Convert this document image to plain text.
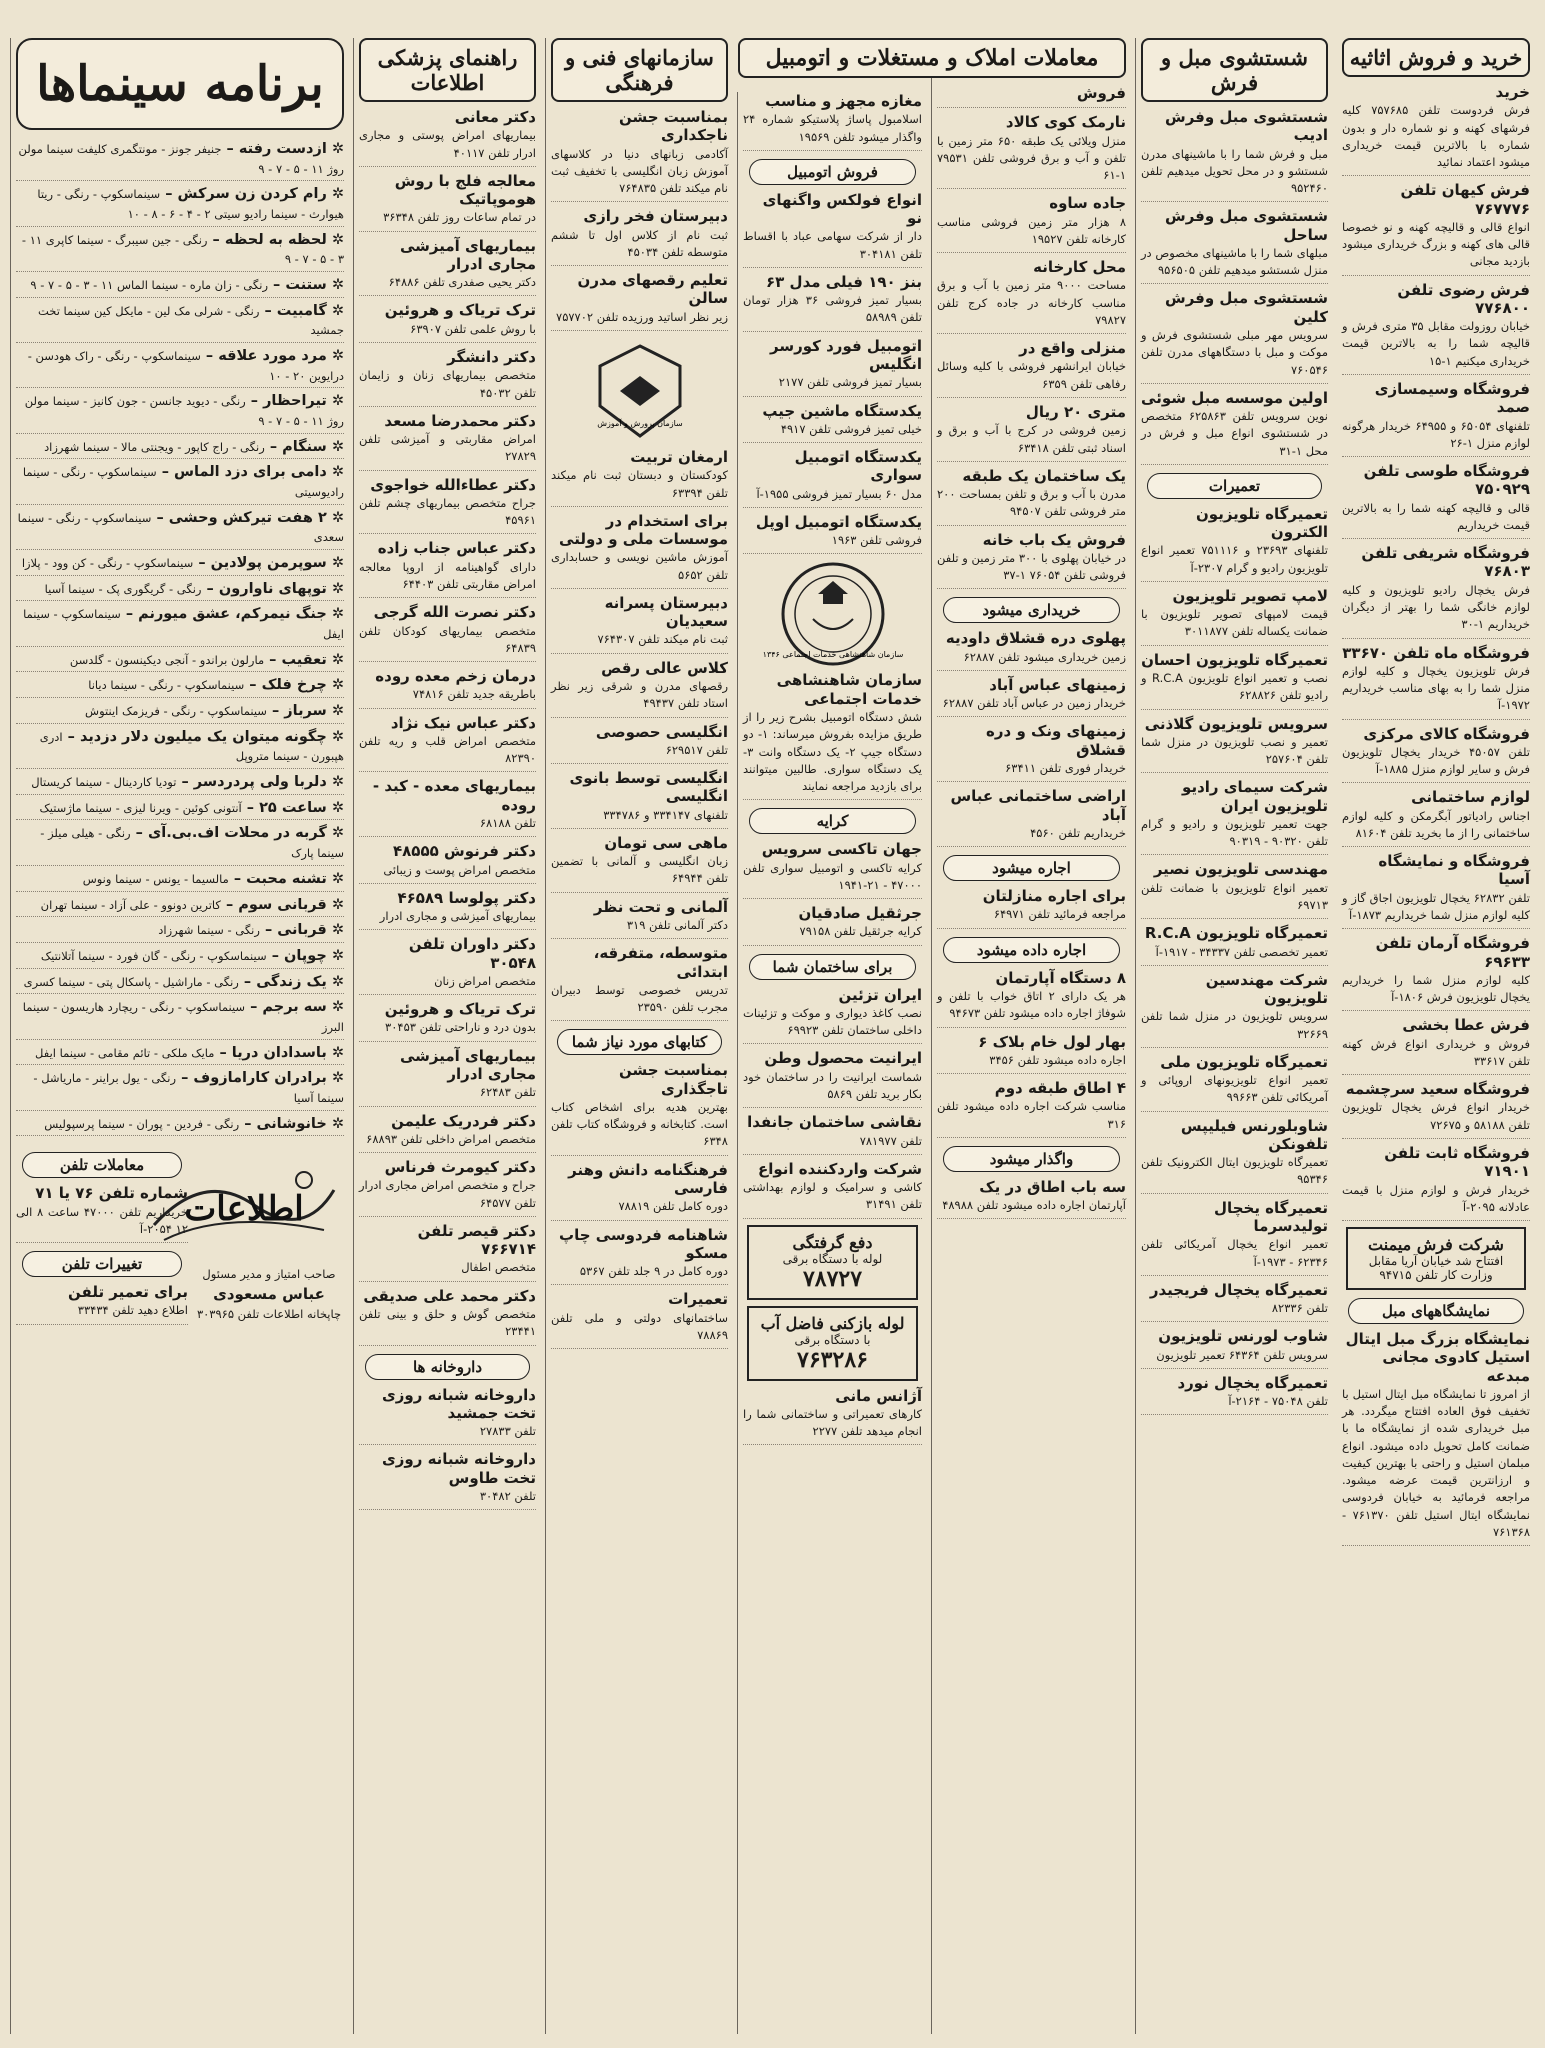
خرید و فروش اثاثیه
خرید

فرش فردوست تلفن ۷۵۷۶۸۵ کلیه فرشهای کهنه و نو شماره دار و بدون شماره با بالاترین قیمت خریداری میشود اعتماد نمائید

فرش کیهان تلفن ۷۶۷۷۷۶

انواع قالی و قالیچه کهنه و نو خصوصا قالی های کهنه و بزرگ خریداری میشود بازدید مجانی

فرش رضوی تلفن ۷۷۶۸۰۰

خیابان روزولت مقابل ۳۵ متری فرش و قالیچه شما را به بالاترین قیمت خریداری میکنیم ۱-۱۵

فروشگاه وسیمسازی صمد

تلفنهای ۶۵۰۵۴ و ۶۴۹۵۵ خریدار هرگونه لوازم منزل ۱-۲۶

فروشگاه طوسی تلفن ۷۵۰۹۲۹

قالی و قالیچه کهنه شما را به بالاترین قیمت خریداریم

فروشگاه شریفی تلفن ۷۶۸۰۳

فرش یخچال رادیو تلویزیون و کلیه لوازم خانگی شما را بهتر از دیگران خریداریم ۱-۳۰

فروشگاه ماه تلفن ۳۳۶۷۰

فرش تلویزیون یخچال و کلیه لوازم منزل شما را به بهای مناسب خریداریم ۱۹۷۲-آ

فروشگاه کالای مرکزی

تلفن ۴۵۰۵۷ خریدار یخچال تلویزیون فرش و سایر لوازم منزل ۱۸۸۵-آ

لوازم ساختمانی

اجناس رادیاتور آبگرمکن و کلیه لوازم ساختمانی را از ما بخرید تلفن ۸۱۶۰۴

فروشگاه و نمایشگاه آسیا

تلفن ۶۲۸۳۲ یخچال تلویزیون اجاق گاز و کلیه لوازم منزل شما خریداریم ۱۸۷۳-آ

فروشگاه آرمان تلفن ۶۹۶۳۳

کلیه لوازم منزل شما را خریداریم یخچال تلویزیون فرش ۱۸۰۶-آ

فرش عطا بخشی

فروش و خریداری انواع فرش کهنه تلفن ۳۳۶۱۷

فروشگاه سعید سرچشمه

خریدار انواع فرش یخچال تلویزیون تلفن ۵۸۱۸۸ و ۷۲۶۷۵

فروشگاه ثابت تلفن ۷۱۹۰۱

خریدار فرش و لوازم منزل با قیمت عادلانه ۲۰۹۵-آ

شرکت فرش میمنت
افتتاح شد خیابان آریا مقابل وزارت کار تلفن ۹۴۷۱۵
نمایشگاههای مبل
نمایشگاه بزرگ مبل ایتال استیل کادوی مجانی مبدعه

از امروز تا نمایشگاه مبل ایتال استیل با تخفیف فوق العاده افتتاح میگردد. هر مبل خریداری شده از نمایشگاه ما با ضمانت کامل تحویل داده میشود. انواع مبلمان استیل و راحتی با بهترین کیفیت و ارزانترین قیمت عرضه میشود. مراجعه فرمائید به خیابان فردوسی نمایشگاه ایتال استیل تلفن ۷۶۱۳۷۰ - ۷۶۱۳۶۸

شستشوی مبل و فرش
شستشوی مبل وفرش ادیب

مبل و فرش شما را با ماشینهای مدرن شستشو و در محل تحویل میدهیم تلفن ۹۵۲۴۶۰

شستشوی مبل وفرش ساحل

مبلهای شما را با ماشینهای مخصوص در منزل شستشو میدهیم تلفن ۹۵۶۵۰۵

شستشوی مبل وفرش کلین

سرویس مهر مبلی شستشوی فرش و موکت و مبل با دستگاههای مدرن تلفن ۷۶۰۵۴۶

اولین موسسه مبل شوئی

نوین سرویس تلفن ۶۲۵۸۶۳ متخصص در شستشوی انواع مبل و فرش در محل ۱-۳۱

تعمیرات
تعمیرگاه تلویزیون الکترون

تلفنهای ۲۳۶۹۳ و ۷۵۱۱۱۶ تعمیر انواع تلویزیون رادیو و گرام ۲۳۰۷-آ

لامپ تصویر تلویزیون

قیمت لامپهای تصویر تلویزیون با ضمانت یکساله تلفن ۳۰۱۱۸۷۷

تعمیرگاه تلویزیون احسان

نصب و تعمیر انواع تلویزیون R.C.A و رادیو تلفن ۶۲۸۸۲۶

سرویس تلویزیون گلاذنی

تعمیر و نصب تلویزیون در منزل شما تلفن ۲۵۷۶۰۴

شرکت سیمای رادیو تلویزیون ایران

جهت تعمیر تلویزیون و رادیو و گرام تلفن ۹۰۳۲۰ - ۹۰۳۱۹

مهندسی تلویزیون نصیر

تعمیر انواع تلویزیون با ضمانت تلفن ۶۹۷۱۳

تعمیرگاه تلویزیون R.C.A

تعمیر تخصصی تلفن ۳۴۳۳۷ - ۱۹۱۷-آ

شرکت مهندسین تلویزیون

سرویس تلویزیون در منزل شما تلفن ۳۲۶۶۹

تعمیرگاه تلویزیون ملی

تعمیر انواع تلویزیونهای اروپائی و آمریکائی تلفن ۹۹۶۶۳

شاوبلورنس فیلیپس تلفونکن

تعمیرگاه تلویزیون ایتال الکترونیک تلفن ۹۵۳۴۶

تعمیرگاه یخچال تولیدسرما

تعمیر انواع یخچال آمریکائی تلفن ۶۲۳۴۶ - ۱۹۷۳-آ

تعمیرگاه یخچال فریجیدر

تلفن ۸۲۳۳۶

شاوب لورنس تلویزیون

سرویس تلفن ۶۴۳۶۴ تعمیر تلویزیون

تعمیرگاه یخچال نورد

تلفن ۷۵۰۴۸ - ۲۱۶۴-آ

معاملات املاک و مستغلات و اتومبیل
فروش
نارمک کوی کالاد

منزل ویلائی یک طبقه ۶۵۰ متر زمین با تلفن و آب و برق فروشی تلفن ۷۹۵۳۱ ۱-۶۱

جاده ساوه

۸ هزار متر زمین فروشی مناسب کارخانه تلفن ۱۹۵۲۷

محل کارخانه

مساحت ۹۰۰۰ متر زمین با آب و برق مناسب کارخانه در جاده کرج تلفن ۷۹۸۲۷

منزلی واقع در

خیابان ایرانشهر فروشی با کلیه وسائل رفاهی تلفن ۶۳۵۹

متری ۲۰ ریال

زمین فروشی در کرج با آب و برق و اسناد ثبتی تلفن ۶۳۴۱۸

یک ساختمان یک طبقه

مدرن با آب و برق و تلفن بمساحت ۲۰۰ متر فروشی تلفن ۹۴۵۰۷

فروش یک باب خانه

در خیابان پهلوی با ۳۰۰ متر زمین و تلفن فروشی تلفن ۷۶۰۵۴ ۱-۳۷

خریداری میشود
پهلوی دره قشلاق داودیه

زمین خریداری میشود تلفن ۶۲۸۸۷

زمینهای عباس آباد

خریدار زمین در عباس آباد تلفن ۶۲۸۸۷

زمینهای ونک و دره قشلاق

خریدار فوری تلفن ۶۳۴۱۱

اراضی ساختمانی عباس آباد

خریداریم تلفن ۴۵۶۰

اجاره میشود
برای اجاره منازلتان

مراجعه فرمائید تلفن ۶۴۹۷۱

اجاره داده میشود
۸ دستگاه آپارتمان

هر یک دارای ۲ اتاق خواب با تلفن و شوفاژ اجاره داده میشود تلفن ۹۴۶۷۳

بهار لول خام بلاک ۶

اجاره داده میشود تلفن ۳۴۵۶

۴ اطاق طبقه دوم

مناسب شرکت اجاره داده میشود تلفن ۳۱۶

واگذار میشود
سه باب اطاق در یک

آپارتمان اجاره داده میشود تلفن ۴۸۹۸۸

مغازه مجهز و مناسب

اسلامبول پاساژ پلاستیکو شماره ۲۴ واگذار میشود تلفن ۱۹۵۶۹

فروش اتومبیل
انواع فولکس واگنهای نو

دار از شرکت سهامی عباد با اقساط تلفن ۳۰۴۱۸۱

بنز ۱۹۰ فیلی مدل ۶۳

بسیار تمیز فروشی ۳۶ هزار تومان تلفن ۵۸۹۸۹

اتومبیل فورد کورسر انگلیس

بسیار تمیز فروشی تلفن ۲۱۷۷

یکدستگاه ماشین جیپ

خیلی تمیز فروشی تلفن ۴۹۱۷

یکدستگاه اتومبیل سواری

مدل ۶۰ بسیار تمیز فروشی ۱۹۵۵-آ

یکدستگاه اتومبیل اوپل

فروشی تلفن ۱۹۶۳

سازمان شاهنشاهی خدمات اجتماعی ۱۳۴۶
سازمان شاهنشاهی خدمات اجتماعی

شش دستگاه اتومبیل بشرح زیر را از طریق مزایده بفروش میرساند: ۱- دو دستگاه جیپ ۲- یک دستگاه وانت ۳- یک دستگاه سواری. طالبین میتوانند برای بازدید مراجعه نمایند

کرایه
جهان تاکسی سرویس

کرایه تاکسی و اتومبیل سواری تلفن ۴۷۰۰۰ - ۲۱-۱۹۴۱

جرثقیل صادقیان

کرایه جرثقیل تلفن ۷۹۱۵۸

برای ساختمان شما
ایران تزئین

نصب کاغذ دیواری و موکت و تزئینات داخلی ساختمان تلفن ۶۹۹۲۳

ایرانیت محصول وطن

شماست ایرانیت را در ساختمان خود بکار برید تلفن ۵۸۶۹

نقاشی ساختمان جانفدا

تلفن ۷۸۱۹۷۷

شرکت واردکننده انواع

کاشی و سرامیک و لوازم بهداشتی تلفن ۳۱۴۹۱

دفع گرفتگی
لوله با دستگاه برقی
۷۸۷۲۷
لوله بازکنی فاضل آب
با دستگاه برقی
۷۶۳۲۸۶
آژانس مانی

کارهای تعمیراتی و ساختمانی شما را انجام میدهد تلفن ۲۲۷۷

سازمانهای فنی و فرهنگی
بمناسبت جشن ناجکداری

آکادمی زبانهای دنیا در کلاسهای آموزش زبان انگلیسی با تخفیف ثبت نام میکند تلفن ۷۶۴۸۳۵

دبیرستان فخر رازی

ثبت نام از کلاس اول تا ششم متوسطه تلفن ۴۵۰۳۴

تعلیم رقصهای مدرن سالن

زیر نظر اساتید ورزیده تلفن ۷۵۷۷۰۲

سازمان پرورش و آموزش
ارمغان تربیت

کودکستان و دبستان ثبت نام میکند تلفن ۶۳۳۹۴

برای استخدام در موسسات ملی و دولتی

آموزش ماشین نویسی و حسابداری تلفن ۵۶۵۲

دبیرستان پسرانه سعیدیان

ثبت نام میکند تلفن ۷۶۴۳۰۷

کلاس عالی رقص

رقصهای مدرن و شرقی زیر نظر استاد تلفن ۴۹۴۳۷

انگلیسی حصوصی

تلفن ۶۲۹۵۱۷

انگلیسی توسط بانوی انگلیسی

تلفنهای ۳۳۴۱۴۷ و ۳۳۴۷۸۶

ماهی سی تومان

زبان انگلیسی و آلمانی با تضمین تلفن ۶۴۹۴۴

آلمانی و تحت نظر

دکتر آلمانی تلفن ۳۱۹

متوسطه، متفرقه، ابتدائی

تدریس خصوصی توسط دبیران مجرب تلفن ۲۳۵۹۰

کتابهای مورد نیاز شما
بمناسبت جشن تاجگذاری

بهترین هدیه برای اشخاص کتاب است. کتابخانه و فروشگاه کتاب تلفن ۶۳۴۸

فرهنگنامه دانش وهنر فارسی

دوره کامل تلفن ۷۸۸۱۹

شاهنامه فردوسی چاپ مسکو

دوره کامل در ۹ جلد تلفن ۵۳۶۷

تعمیرات

ساختمانهای دولتی و ملی تلفن ۷۸۸۶۹

راهنمای پزشکی اطلاعات
دکتر معانی

بیماریهای امراض پوستی و مجاری ادرار تلفن ۴۰۱۱۷

معالجه فلج با روش هوموپاتیک

در تمام ساعات روز تلفن ۳۶۳۴۸

بیماریهای آمیزشی مجاری ادرار

دکتر یحیی صفدری تلفن ۶۴۸۸۶

ترک تریاک و هروئین

با روش علمی تلفن ۶۳۹۰۷

دکتر دانشگر

متخصص بیماریهای زنان و زایمان تلفن ۴۵۰۳۲

دکتر محمدرضا مسعد

امراض مقاربتی و آمیزشی تلفن ۲۷۸۲۹

دکتر عطاءالله خواجوی

جراح متخصص بیماریهای چشم تلفن ۴۵۹۶۱

دکتر عباس جناب زاده

دارای گواهینامه از اروپا معالجه امراض مقاربتی تلفن ۶۴۴۰۳

دکتر نصرت الله گرجی

متخصص بیماریهای کودکان تلفن ۶۴۸۳۹

درمان زخم معده روده

باطریقه جدید تلفن ۷۴۸۱۶

دکتر عباس نیک نژاد

متخصص امراض قلب و ریه تلفن ۸۲۳۹۰

بیماریهای معده - کبد - روده

تلفن ۶۸۱۸۸

دکتر فرنوش ۴۸۵۵۵

متخصص امراض پوست و زیبائی

دکتر پولوسا ۴۶۵۸۹

بیماریهای آمیزشی و مجاری ادرار

دکتر داوران تلفن ۳۰۵۴۸

متخصص امراض زنان

ترک تریاک و هروئین

بدون درد و ناراحتی تلفن ۳۰۴۵۳

بیماریهای آمیزشی مجاری ادرار

تلفن ۶۲۴۸۳

دکتر فردریک علیمن

متخصص امراض داخلی تلفن ۶۸۸۹۳

دکتر کیومرث فرناس

جراح و متخصص امراض مجاری ادرار تلفن ۶۴۵۷۷

دکتر قیصر تلفن ۷۶۶۷۱۴

متخصص اطفال

دکتر محمد علی صدیقی

متخصص گوش و حلق و بینی تلفن ۲۳۴۴۱

داروخانه ها
داروخانه شبانه روزی تخت جمشید

تلفن ۲۷۸۳۳

داروخانه شبانه روزی تخت طاوس

تلفن ۳۰۴۸۲

برنامه سینماها
✲ ازدست رفته – جنیفر جونز - مونتگمری کلیفت سینما مولن روژ ۱۱ - ۵ - ۷ - ۹
✲ رام کردن زن سرکش – سینماسکوپ - رنگی - ریتا هیوارث - سینما رادیو سیتی ۲ - ۴ - ۶ - ۸ - ۱۰
✲ لحظه به لحظه – رنگی - جین سیبرگ - سینما کاپری ۱۱ - ۳ - ۵ - ۷ - ۹
✲ ستنت – رنگی - زان ماره - سینما الماس ۱۱ - ۳ - ۵ - ۷ - ۹
✲ گامبیت – رنگی - شرلی مک لین - مایکل کین سینما تخت جمشید
✲ مرد مورد علاقه – سینماسکوپ - رنگی - راک هودسن - درایوین ۲۰ - ۱۰
✲ تیراحظار – رنگی - دیوید جانسن - جون کانیز - سینما مولن روژ ۱۱ - ۵ - ۷ - ۹
✲ سنگام – رنگی - راج کاپور - ویجنتی مالا - سینما شهرزاد
✲ دامی برای دزد الماس – سینماسکوپ - رنگی - سینما رادیوسیتی
✲ ۲ هفت تیرکش وحشی – سینماسکوپ - رنگی - سینما سعدی
✲ سوپرمن پولادین – سینماسکوپ - رنگی - کن وود - پلازا
✲ توپهای ناوارون – رنگی - گریگوری پک - سینما آسیا
✲ جنگ نیمرکم، عشق میورنم – سینماسکوپ - سینما ایفل
✲ تعقیب – مارلون براندو - آنجی دیکینسون - گلدسن
✲ چرخ فلک – سینماسکوپ - رنگی - سینما دیانا
✲ سرباز – سینماسکوپ - رنگی - فریزمک اینتوش
✲ چگونه میتوان یک میلیون دلار دزدید – ادری هپبورن - سینما متروپل
✲ دلربا ولی پردردسر – تودیا کاردینال - سینما کریستال
✲ ساعت ۲۵ – آنتونی کوئین - ویرنا لیزی - سینما ماژستیک
✲ گربه در محلات اف.بی.آی – رنگی - هیلی میلز - سینما پارک
✲ تشنه محبت – مالسیما - یونس - سینما ونوس
✲ قربانی سوم – کاترین دونوو - علی آزاد - سینما تهران
✲ قربانی – رنگی - سینما شهرزاد
✲ چوپان – سینماسکوپ - رنگی - گان فورد - سینما آتلانتیک
✲ یک زندگی – رنگی - ماراشیل - پاسکال پتی - سینما کسری
✲ سه برجم – سینماسکوپ - رنگی - ریچارد هاریسون - سینما البرز
✲ باسدادان دریا – مایک ملکی - تائم مقامی - سینما ایفل
✲ برادران کارامازوف – رنگی - یول براینر - ماریاشل - سینما آسیا
✲ خانوشانی – رنگی - فردین - پوران - سینما پرسپولیس
اطلاعات
صاحب امتیاز و مدیر مسئول
عباس مسعودی
چاپخانه اطلاعات تلفن ۳۰۳۹۶۵
معاملات تلفن
شماره تلفن ۷۶ یا ۷۱

خریداریم تلفن ۴۷۰۰۰ ساعت ۸ الی ۱۲ ۲۰۵۴-آ

تغییرات تلفن
برای تعمیر تلفن

اطلاع دهید تلفن ۳۳۴۳۴
